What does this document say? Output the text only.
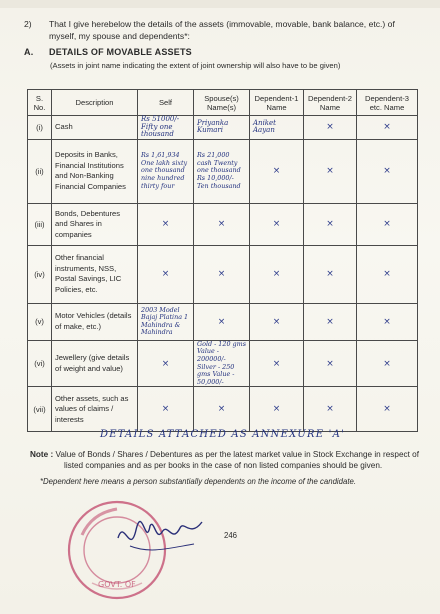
2) That I give herebelow the details of the assets (immovable, movable, bank balance, etc.) of myself, my spouse and dependents*:
A. DETAILS OF MOVABLE ASSETS
(Assets in joint name indicating the extent of joint ownership will also have to be given)
S. No.	Description	Self	Spouse(s) Name(s)	Dependent-1 Name	Dependent-2 Name	Dependent-3 etc. Name
(i)	Cash	Rs 51000/- Fifty one thousand	Priyanka Kumari	Aniket Aayan	×	×
(ii)	Deposits in Banks, Financial Institutions and Non-Banking Financial Companies	Rs 1,61,934 One lakh sixty one thousand nine hundred thirty four	Rs 21,000 cash Twenty one thousand Rs 10,000/- Ten thousand	×	×	×
(iii)	Bonds, Debentures and Shares in companies	×	×	×	×	×
(iv)	Other financial instruments, NSS, Postal Savings, LIC Policies, etc.	×	×	×	×	×
(v)	Motor Vehicles (details of make, etc.)	2003 Model Bajaj Platina 1 Mahindra & Mahindra	×	×	×	×
(vi)	Jewellery (give details of weight and value)	×	Gold - 120 gms Value - 200000/- Silver - 250 gms Value - 50,000/-	×	×	×
(vii)	Other assets, such as values of claims / interests	×	×	×	×	×
DETAILS ATTACHED AS ANNEXURE 'A'
Note : Value of Bonds / Shares / Debentures as per the latest market value in Stock Exchange in respect of listed companies and as per books in the case of non listed companies should be given.
*Dependent here means a person substantially dependents on the income of the candidate.
GOVT. OF
246
